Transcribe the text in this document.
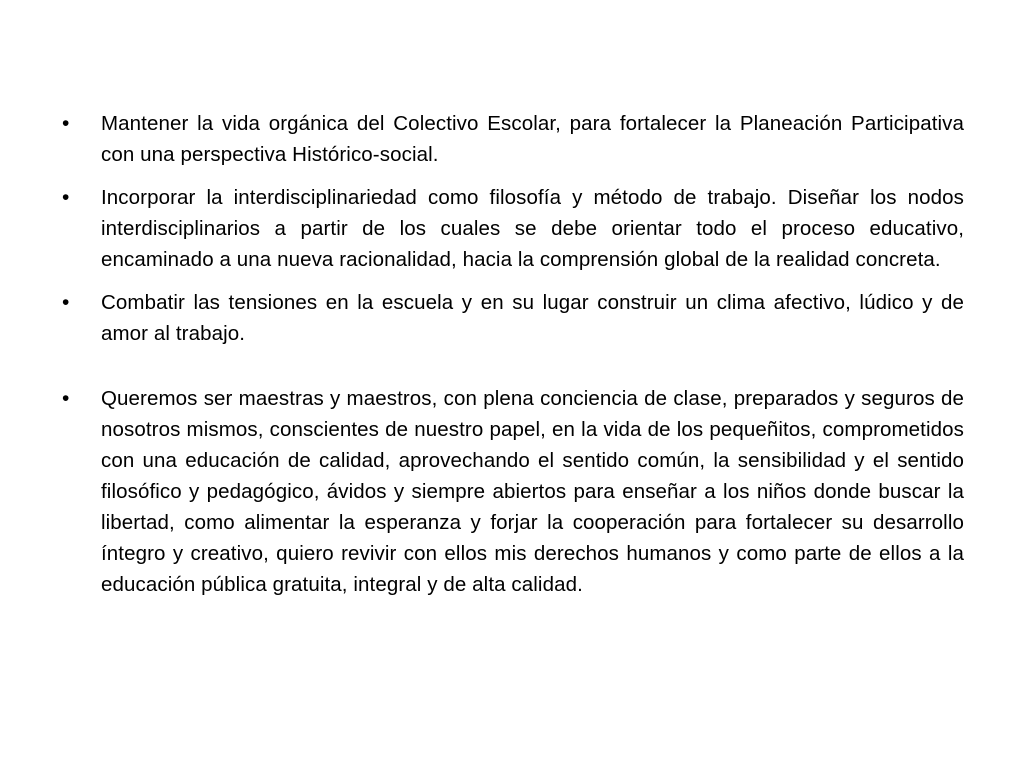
•	Mantener la vida orgánica del Colectivo Escolar, para fortalecer la Planeación Participativa con una perspectiva Histórico-social.
•	Incorporar la interdisciplinariedad como filosofía y método de trabajo. Diseñar los nodos interdisciplinarios a partir de los cuales se debe orientar todo el proceso educativo, encaminado a una nueva racionalidad, hacia la comprensión global de la realidad concreta.
•	Combatir las tensiones en la escuela y en su lugar construir un clima afectivo, lúdico y de amor al trabajo.
•	Queremos ser maestras y maestros, con plena conciencia de clase, preparados y seguros de nosotros mismos, conscientes de nuestro papel, en la vida de los pequeñitos, comprometidos con una educación de calidad, aprovechando el sentido común, la sensibilidad y el sentido filosófico y pedagógico, ávidos y siempre abiertos para enseñar a los niños donde buscar la libertad, como alimentar la esperanza y forjar la cooperación para fortalecer su desarrollo íntegro y creativo, quiero revivir con ellos mis derechos humanos y como parte de ellos a la educación pública gratuita, integral y de alta calidad.
